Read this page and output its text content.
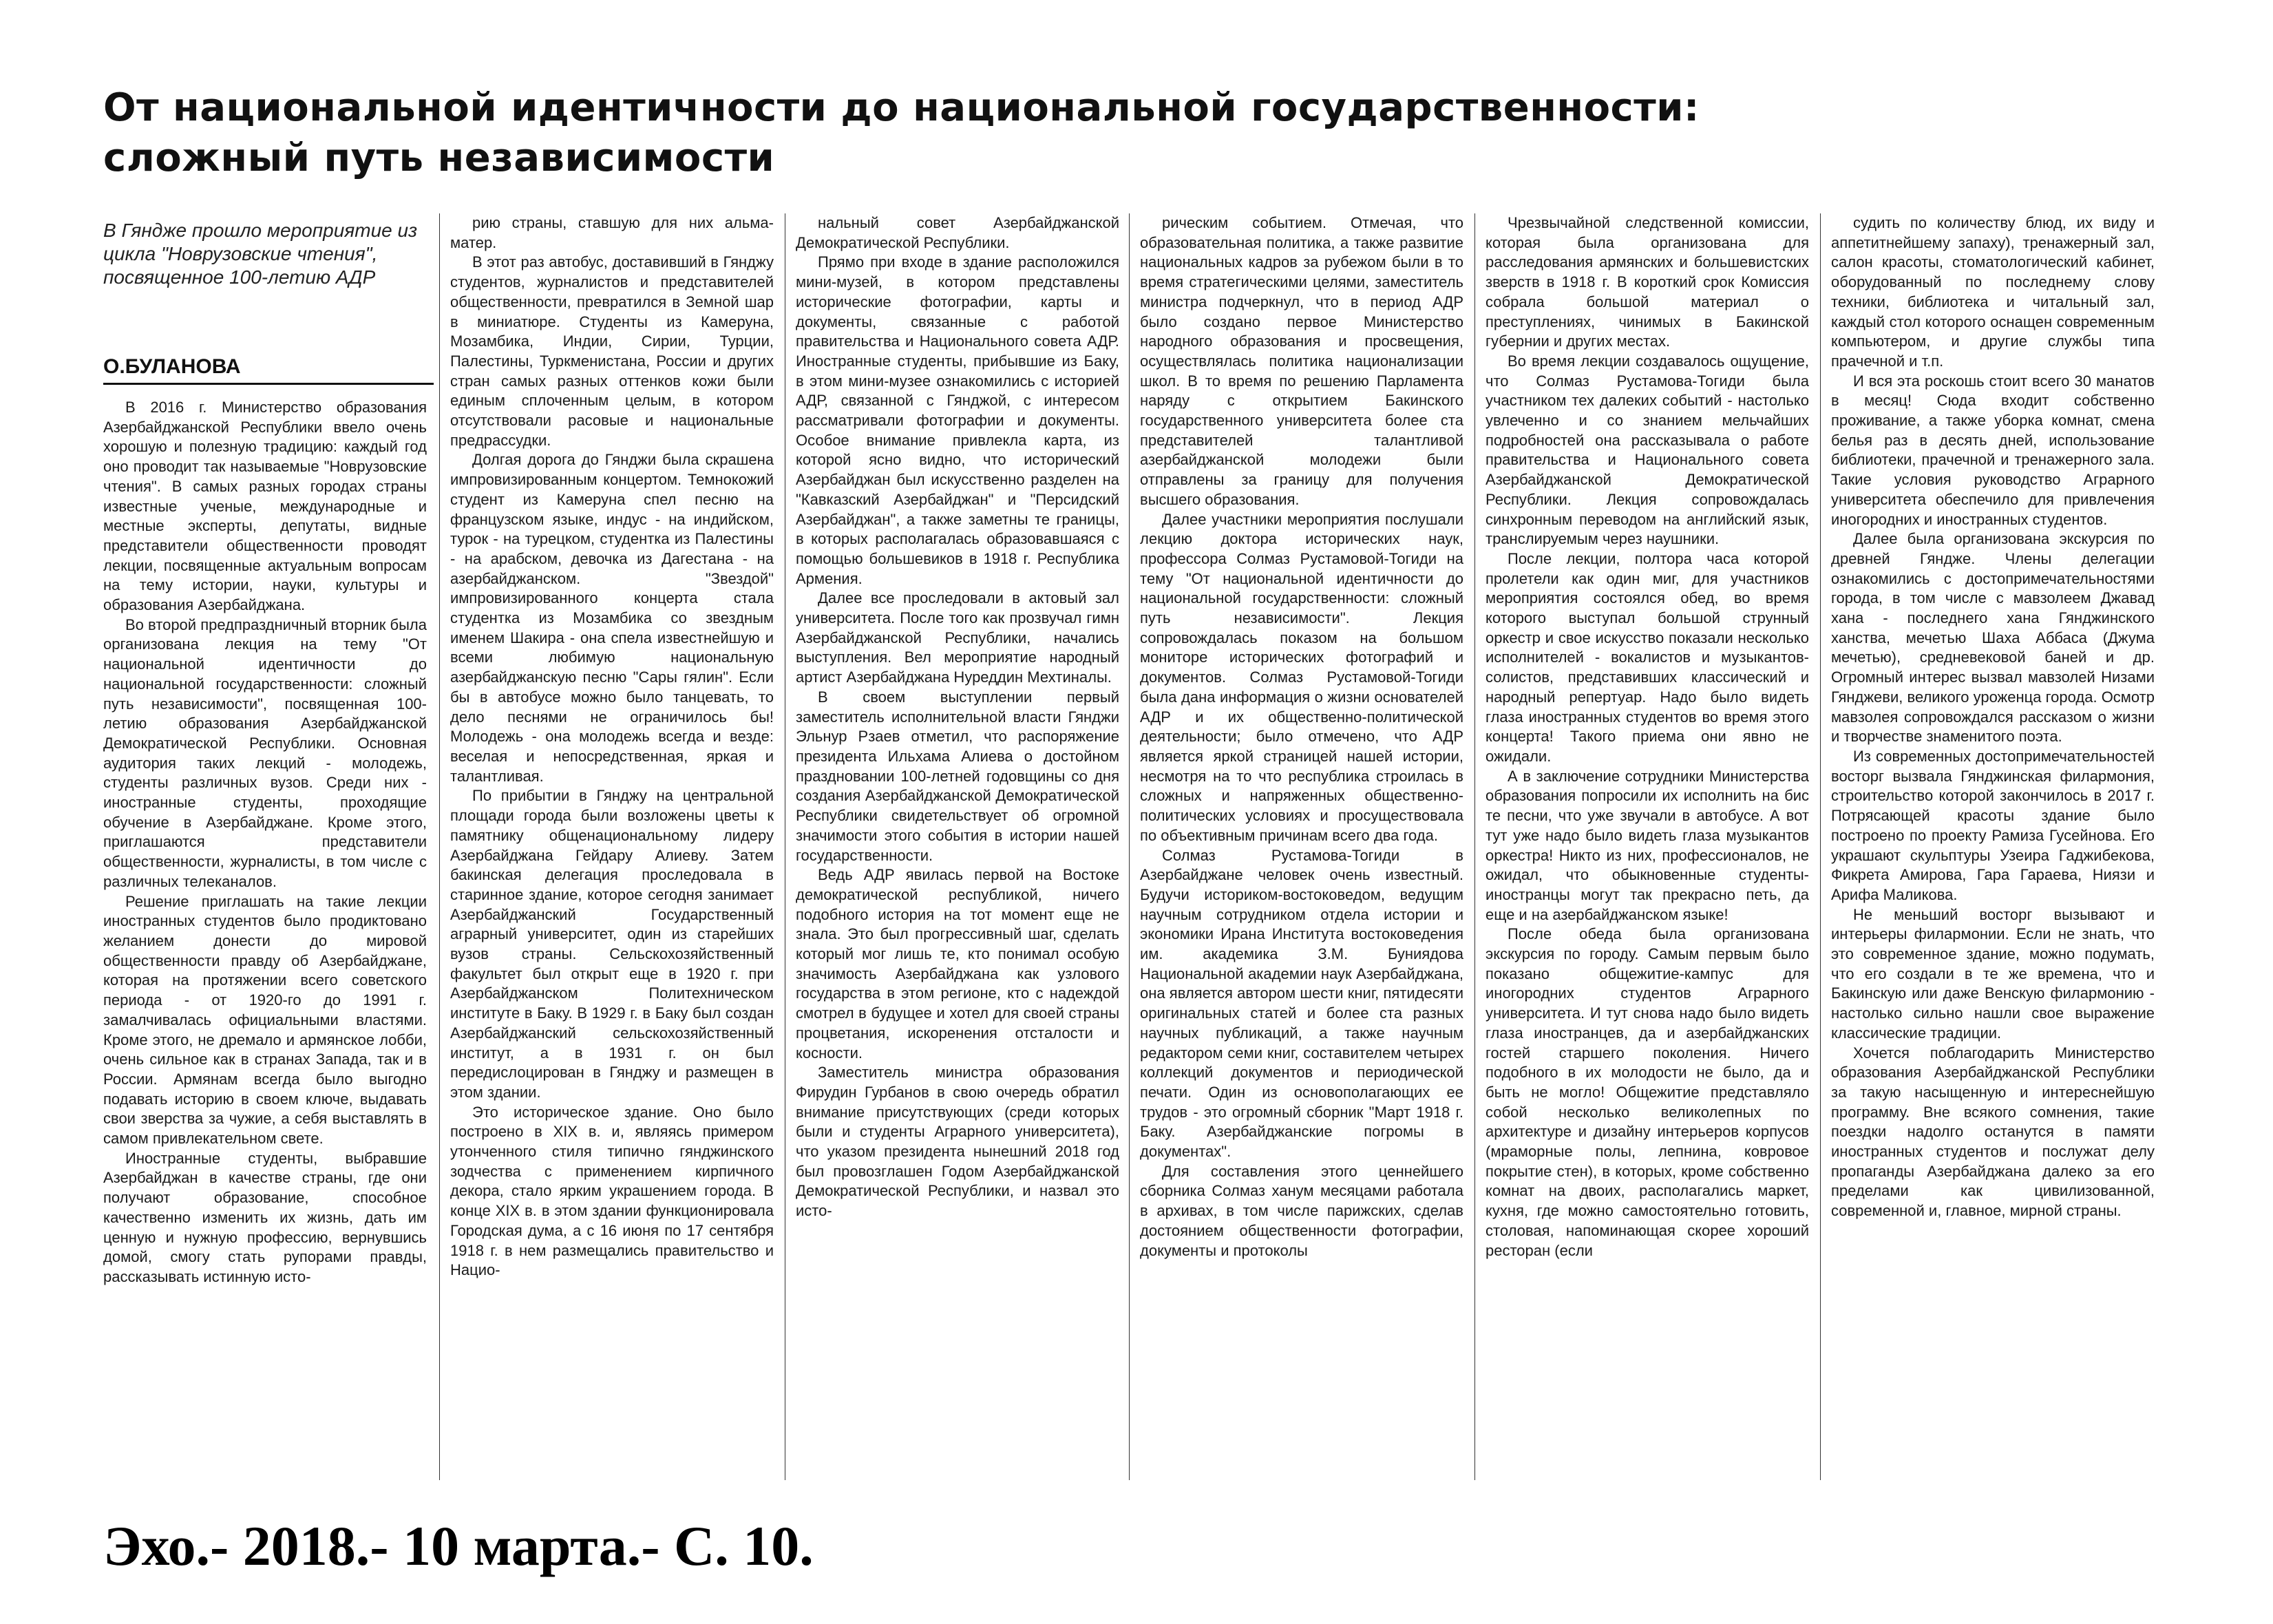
От национальной идентичности до национальной государственности: сложный путь независимости
В Гяндже прошло мероприятие из цикла "Новрузовские чтения", посвященное 100-летию АДР
О.БУЛАНОВА

В 2016 г. Министерство образования Азербайджанской Республики ввело очень хорошую и полезную традицию: каждый год оно проводит так называемые "Новрузовские чтения". В самых разных городах страны известные ученые, международные и местные эксперты, депутаты, видные представители общественности проводят лекции, посвященные актуальным вопросам на тему истории, науки, культуры и образования Азербайджана.

Во второй предпраздничный вторник была организована лекция на тему "От национальной идентичности до национальной государственности: сложный путь независимости", посвященная 100-летию образования Азербайджанской Демократической Республики. Основная аудитория таких лекций - молодежь, студенты различных вузов. Среди них - иностранные студенты, проходящие обучение в Азербайджане. Кроме этого, приглашаются представители общественности, журналисты, в том числе с различных телеканалов.

Решение приглашать на такие лекции иностранных студентов было продиктовано желанием донести до мировой общественности правду об Азербайджане, которая на протяжении всего советского периода - от 1920-го до 1991 г. замалчивалась официальными властями. Кроме этого, не дремало и армянское лобби, очень сильное как в странах Запада, так и в России. Армянам всегда было выгодно подавать историю в своем ключе, выдавать свои зверства за чужие, а себя выставлять в самом привлекательном свете.

Иностранные студенты, выбравшие Азербайджан в качестве страны, где они получают образование, способное качественно изменить их жизнь, дать им ценную и нужную профессию, вернувшись домой, смогу стать рупорами правды, рассказывать истинную исто-

рию страны, ставшую для них альма-матер.

В этот раз автобус, доставивший в Гянджу студентов, журналистов и представителей общественности, превратился в Земной шар в миниатюре. Студенты из Камеруна, Мозамбика, Индии, Сирии, Турции, Палестины, Туркменистана, России и других стран самых разных оттенков кожи были единым сплоченным целым, в котором отсутствовали расовые и национальные предрассудки.

Долгая дорога до Гянджи была скрашена импровизированным концертом. Темнокожий студент из Камеруна спел песню на французском языке, индус - на индийском, турок - на турецком, студентка из Палестины - на арабском, девочка из Дагестана - на азербайджанском. "Звездой" импровизированного концерта стала студентка из Мозамбика со звездным именем Шакира - она спела известнейшую и всеми любимую национальную азербайджанскую песню "Сары гялин". Если бы в автобусе можно было танцевать, то дело песнями не ограничилось бы! Молодежь - она молодежь всегда и везде: веселая и непосредственная, яркая и талантливая.

По прибытии в Гянджу на центральной площади города были возложены цветы к памятнику общенациональному лидеру Азербайджана Гейдару Алиеву. Затем бакинская делегация проследовала в старинное здание, которое сегодня занимает Азербайджанский Государственный аграрный университет, один из старейших вузов страны. Сельскохозяйственный факультет был открыт еще в 1920 г. при Азербайджанском Политехническом институте в Баку. В 1929 г. в Баку был создан Азербайджанский сельскохозяйственный институт, а в 1931 г. он был передислоцирован в Гянджу и размещен в этом здании.

Это историческое здание. Оно было построено в XIX в. и, являясь примером утонченного стиля типично гянджинского зодчества с применением кирпичного декора, стало ярким украшением города. В конце XIX в. в этом здании функционировала Городская дума, а с 16 июня по 17 сентября 1918 г. в нем размещались правительство и Нацио-

нальный совет Азербайджанской Демократической Республики.

Прямо при входе в здание расположился мини-музей, в котором представлены исторические фотографии, карты и документы, связанные с работой правительства и Национального совета АДР. Иностранные студенты, прибывшие из Баку, в этом мини-музее ознакомились с историей АДР, связанной с Гянджой, с интересом рассматривали фотографии и документы. Особое внимание привлекла карта, из которой ясно видно, что исторический Азербайджан был искусственно разделен на "Кавказский Азербайджан" и "Персидский Азербайджан", а также заметны те границы, в которых располагалась образовавшаяся с помощью большевиков в 1918 г. Республика Армения.

Далее все проследовали в актовый зал университета. После того как прозвучал гимн Азербайджанской Республики, начались выступления. Вел мероприятие народный артист Азербайджана Нуреддин Мехтиналы.

В своем выступлении первый заместитель исполнительной власти Гянджи Эльнур Рзаев отметил, что распоряжение президента Ильхама Алиева о достойном праздновании 100-летней годовщины со дня создания Азербайджанской Демократической Республики свидетельствует об огромной значимости этого события в истории нашей государственности.

Ведь АДР явилась первой на Востоке демократической республикой, ничего подобного история на тот момент еще не знала. Это был прогрессивный шаг, сделать который мог лишь те, кто понимал особую значимость Азербайджана как узлового государства в этом регионе, кто с надеждой смотрел в будущее и хотел для своей страны процветания, искоренения отсталости и косности.

Заместитель министра образования Фирудин Гурбанов в свою очередь обратил внимание присутствующих (среди которых были и студенты Аграрного университета), что указом президента нынешний 2018 год был провозглашен Годом Азербайджанской Демократической Республики, и назвал это исто-

рическим событием. Отмечая, что образовательная политика, а также развитие национальных кадров за рубежом были в то время стратегическими целями, заместитель министра подчеркнул, что в период АДР было создано первое Министерство народного образования и просвещения, осуществлялась политика национализации школ. В то время по решению Парламента наряду с открытием Бакинского государственного университета более ста представителей талантливой азербайджанской молодежи были отправлены за границу для получения высшего образования.

Далее участники мероприятия послушали лекцию доктора исторических наук, профессора Солмаз Рустамовой-Тогиди на тему "От национальной идентичности до национальной государственности: сложный путь независимости". Лекция сопровождалась показом на большом мониторе исторических фотографий и документов. Солмаз Рустамовой-Тогиди была дана информация о жизни основателей АДР и их общественно-политической деятельности; было отмечено, что АДР является яркой страницей нашей истории, несмотря на то что республика строилась в сложных и напряженных общественно-политических условиях и просуществовала по объективным причинам всего два года.

Солмаз Рустамова-Тогиди в Азербайджане человек очень известный. Будучи историком-востоковедом, ведущим научным сотрудником отдела истории и экономики Ирана Института востоковедения им. академика З.М. Буниядова Национальной академии наук Азербайджана, она является автором шести книг, пятидесяти оригинальных статей и более ста разных научных публикаций, а также научным редактором семи книг, составителем четырех коллекций документов и периодической печати. Один из основополагающих ее трудов - это огромный сборник "Март 1918 г. Баку. Азербайджанские погромы в документах".

Для составления этого ценнейшего сборника Солмаз ханум месяцами работала в архивах, в том числе парижских, сделав достоянием общественности фотографии, документы и протоколы

Чрезвычайной следственной комиссии, которая была организована для расследования армянских и большевистских зверств в 1918 г. В короткий срок Комиссия собрала большой материал о преступлениях, чинимых в Бакинской губернии и других местах.

Во время лекции создавалось ощущение, что Солмаз Рустамова-Тогиди была участником тех далеких событий - настолько увлеченно и со знанием мельчайших подробностей она рассказывала о работе правительства и Национального совета Азербайджанской Демократической Республики. Лекция сопровождалась синхронным переводом на английский язык, транслируемым через наушники.

После лекции, полтора часа которой пролетели как один миг, для участников мероприятия состоялся обед, во время которого выступал большой струнный оркестр и свое искусство показали несколько исполнителей - вокалистов и музыкантов-солистов, представивших классический и народный репертуар. Надо было видеть глаза иностранных студентов во время этого концерта! Такого приема они явно не ожидали.

А в заключение сотрудники Министерства образования попросили их исполнить на бис те песни, что уже звучали в автобусе. А вот тут уже надо было видеть глаза музыкантов оркестра! Никто из них, профессионалов, не ожидал, что обыкновенные студенты-иностранцы могут так прекрасно петь, да еще и на азербайджанском языке!

После обеда была организована экскурсия по городу. Самым первым было показано общежитие-кампус для иногородних студентов Аграрного университета. И тут снова надо было видеть глаза иностранцев, да и азербайджанских гостей старшего поколения. Ничего подобного в их молодости не было, да и быть не могло! Общежитие представляло собой несколько великолепных по архитектуре и дизайну интерьеров корпусов (мраморные полы, лепнина, ковровое покрытие стен), в которых, кроме собственно комнат на двоих, располагались маркет, кухня, где можно самостоятельно готовить, столовая, напоминающая скорее хороший ресторан (если

судить по количеству блюд, их виду и аппетитнейшему запаху), тренажерный зал, салон красоты, стоматологический кабинет, оборудованный по последнему слову техники, библиотека и читальный зал, каждый стол которого оснащен современным компьютером, и другие службы типа прачечной и т.п.

И вся эта роскошь стоит всего 30 манатов в месяц! Сюда входит собственно проживание, а также уборка комнат, смена белья раз в десять дней, использование библиотеки, прачечной и тренажерного зала. Такие условия руководство Аграрного университета обеспечило для привлечения иногородних и иностранных студентов.

Далее была организована экскурсия по древней Гяндже. Члены делегации ознакомились с достопримечательностями города, в том числе с мавзолеем Джавад хана - последнего хана Гянджинского ханства, мечетью Шаха Аббаса (Джума мечетью), средневековой баней и др. Огромный интерес вызвал мавзолей Низами Гянджеви, великого уроженца города. Осмотр мавзолея сопровождался рассказом о жизни и творчестве знаменитого поэта.

Из современных достопримечательностей восторг вызвала Гянджинская филармония, строительство которой закончилось в 2017 г. Потрясающей красоты здание было построено по проекту Рамиза Гусейнова. Его украшают скульптуры Узеира Гаджибекова, Фикрета Амирова, Гара Гараева, Ниязи и Арифа Маликова.

Не меньший восторг вызывают и интерьеры филармонии. Если не знать, что это современное здание, можно подумать, что его создали в те же времена, что и Бакинскую или даже Венскую филармонию - настолько сильно нашли свое выражение классические традиции.

Хочется поблагодарить Министерство образования Азербайджанской Республики за такую насыщенную и интереснейшую программу. Вне всякого сомнения, такие поездки надолго останутся в памяти иностранных студентов и послужат делу пропаганды Азербайджана далеко за его пределами как цивилизованной, современной и, главное, мирной страны.

Эхо.- 2018.- 10 марта.- С. 10.
